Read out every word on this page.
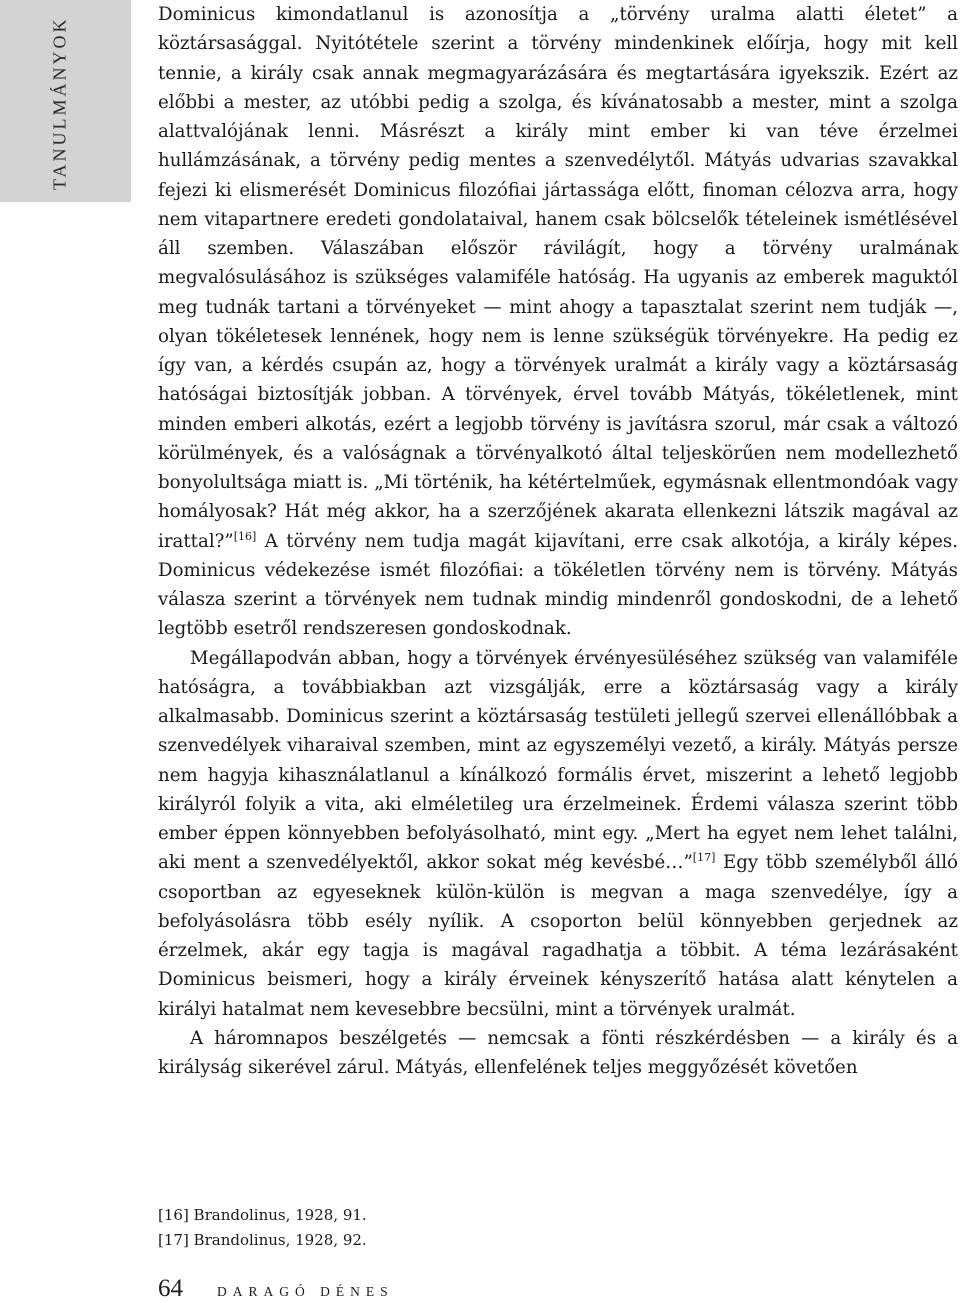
TANULMÁNYOK

Dominicus kimondatlanul is azonosítja a „törvény uralma alatti életet” a köztársasággal. Nyitótétele szerint a törvény mindenkinek előírja, hogy mit kell tennie, a király csak annak megmagyarázására és megtartására igyekszik. Ezért az előbbi a mester, az utóbbi pedig a szolga, és kívánatosabb a mester, mint a szolga alattvalójának lenni. Másrészt a király mint ember ki van téve érzelmei hullámzásának, a törvény pedig mentes a szenvedélytől. Mátyás udvarias szavakkal fejezi ki elismerését Dominicus filozófiai jártassága előtt, finoman célozva arra, hogy nem vitapartnere eredeti gondolataival, hanem csak bölcselők tételeinek ismétlésével áll szemben. Válaszában először rávilágít, hogy a törvény uralmának megvalósulásához is szükséges valamiféle hatóság. Ha ugyanis az emberek maguktól meg tudnák tartani a törvényeket — mint ahogy a tapasztalat szerint nem tudják —, olyan tökéletesek lennének, hogy nem is lenne szükségük törvényekre. Ha pedig ez így van, a kérdés csupán az, hogy a törvények uralmát a király vagy a köztársaság hatóságai biztosítják jobban. A törvények, érvel tovább Mátyás, tökéletlenek, mint minden emberi alkotás, ezért a legjobb törvény is javításra szorul, már csak a változó körülmények, és a valóságnak a törvényalkotó által teljeskörűen nem modellezhető bonyolultsága miatt is. „Mi történik, ha kétértelműek, egymásnak ellentmondóak vagy homályosak? Hát még akkor, ha a szerzőjének akarata ellenkezni látszik magával az irattal?”[16] A törvény nem tudja magát kijavítani, erre csak alkotója, a király képes. Dominicus védekezése ismét filozófiai: a tökéletlen törvény nem is törvény. Mátyás válasza szerint a törvények nem tudnak mindig mindenről gondoskodni, de a lehető legtöbb esetről rendszeresen gondoskodnak.

Megállapodván abban, hogy a törvények érvényesüléséhez szükség van valamiféle hatóságra, a továbbiakban azt vizsgálják, erre a köztársaság vagy a király alkalmasabb. Dominicus szerint a köztársaság testületi jellegű szervei ellenállóbbak a szenvedélyek viharaival szemben, mint az egyszemélyi vezető, a király. Mátyás persze nem hagyja kihasználatlanul a kínálkozó formális érvet, miszerint a lehető legjobb királyról folyik a vita, aki elméletileg ura érzelmeinek. Érdemi válasza szerint több ember éppen könnyebben befolyásolható, mint egy. „Mert ha egyet nem lehet találni, aki ment a szenvedélyektől, akkor sokat még kevésbé…”[17] Egy több személyből álló csoportban az egyeseknek külön-külön is megvan a maga szenvedélye, így a befolyásolásra több esély nyílik. A csoporton belül könnyebben gerjednek az érzelmek, akár egy tagja is magával ragadhatja a többit. A téma lezárásaként Dominicus beismeri, hogy a király érveinek kényszerítő hatása alatt kénytelen a királyi hatalmat nem kevesebbre becsülni, mint a törvények uralmát.

A háromnapos beszélgetés — nemcsak a fönti részkérdésben — a király és a királyság sikerével zárul. Mátyás, ellenfelének teljes meggyőzését követően

[16] Brandolinus, 1928, 91.

[17] Brandolinus, 1928, 92.

64	DARAGÓ DÉNES
